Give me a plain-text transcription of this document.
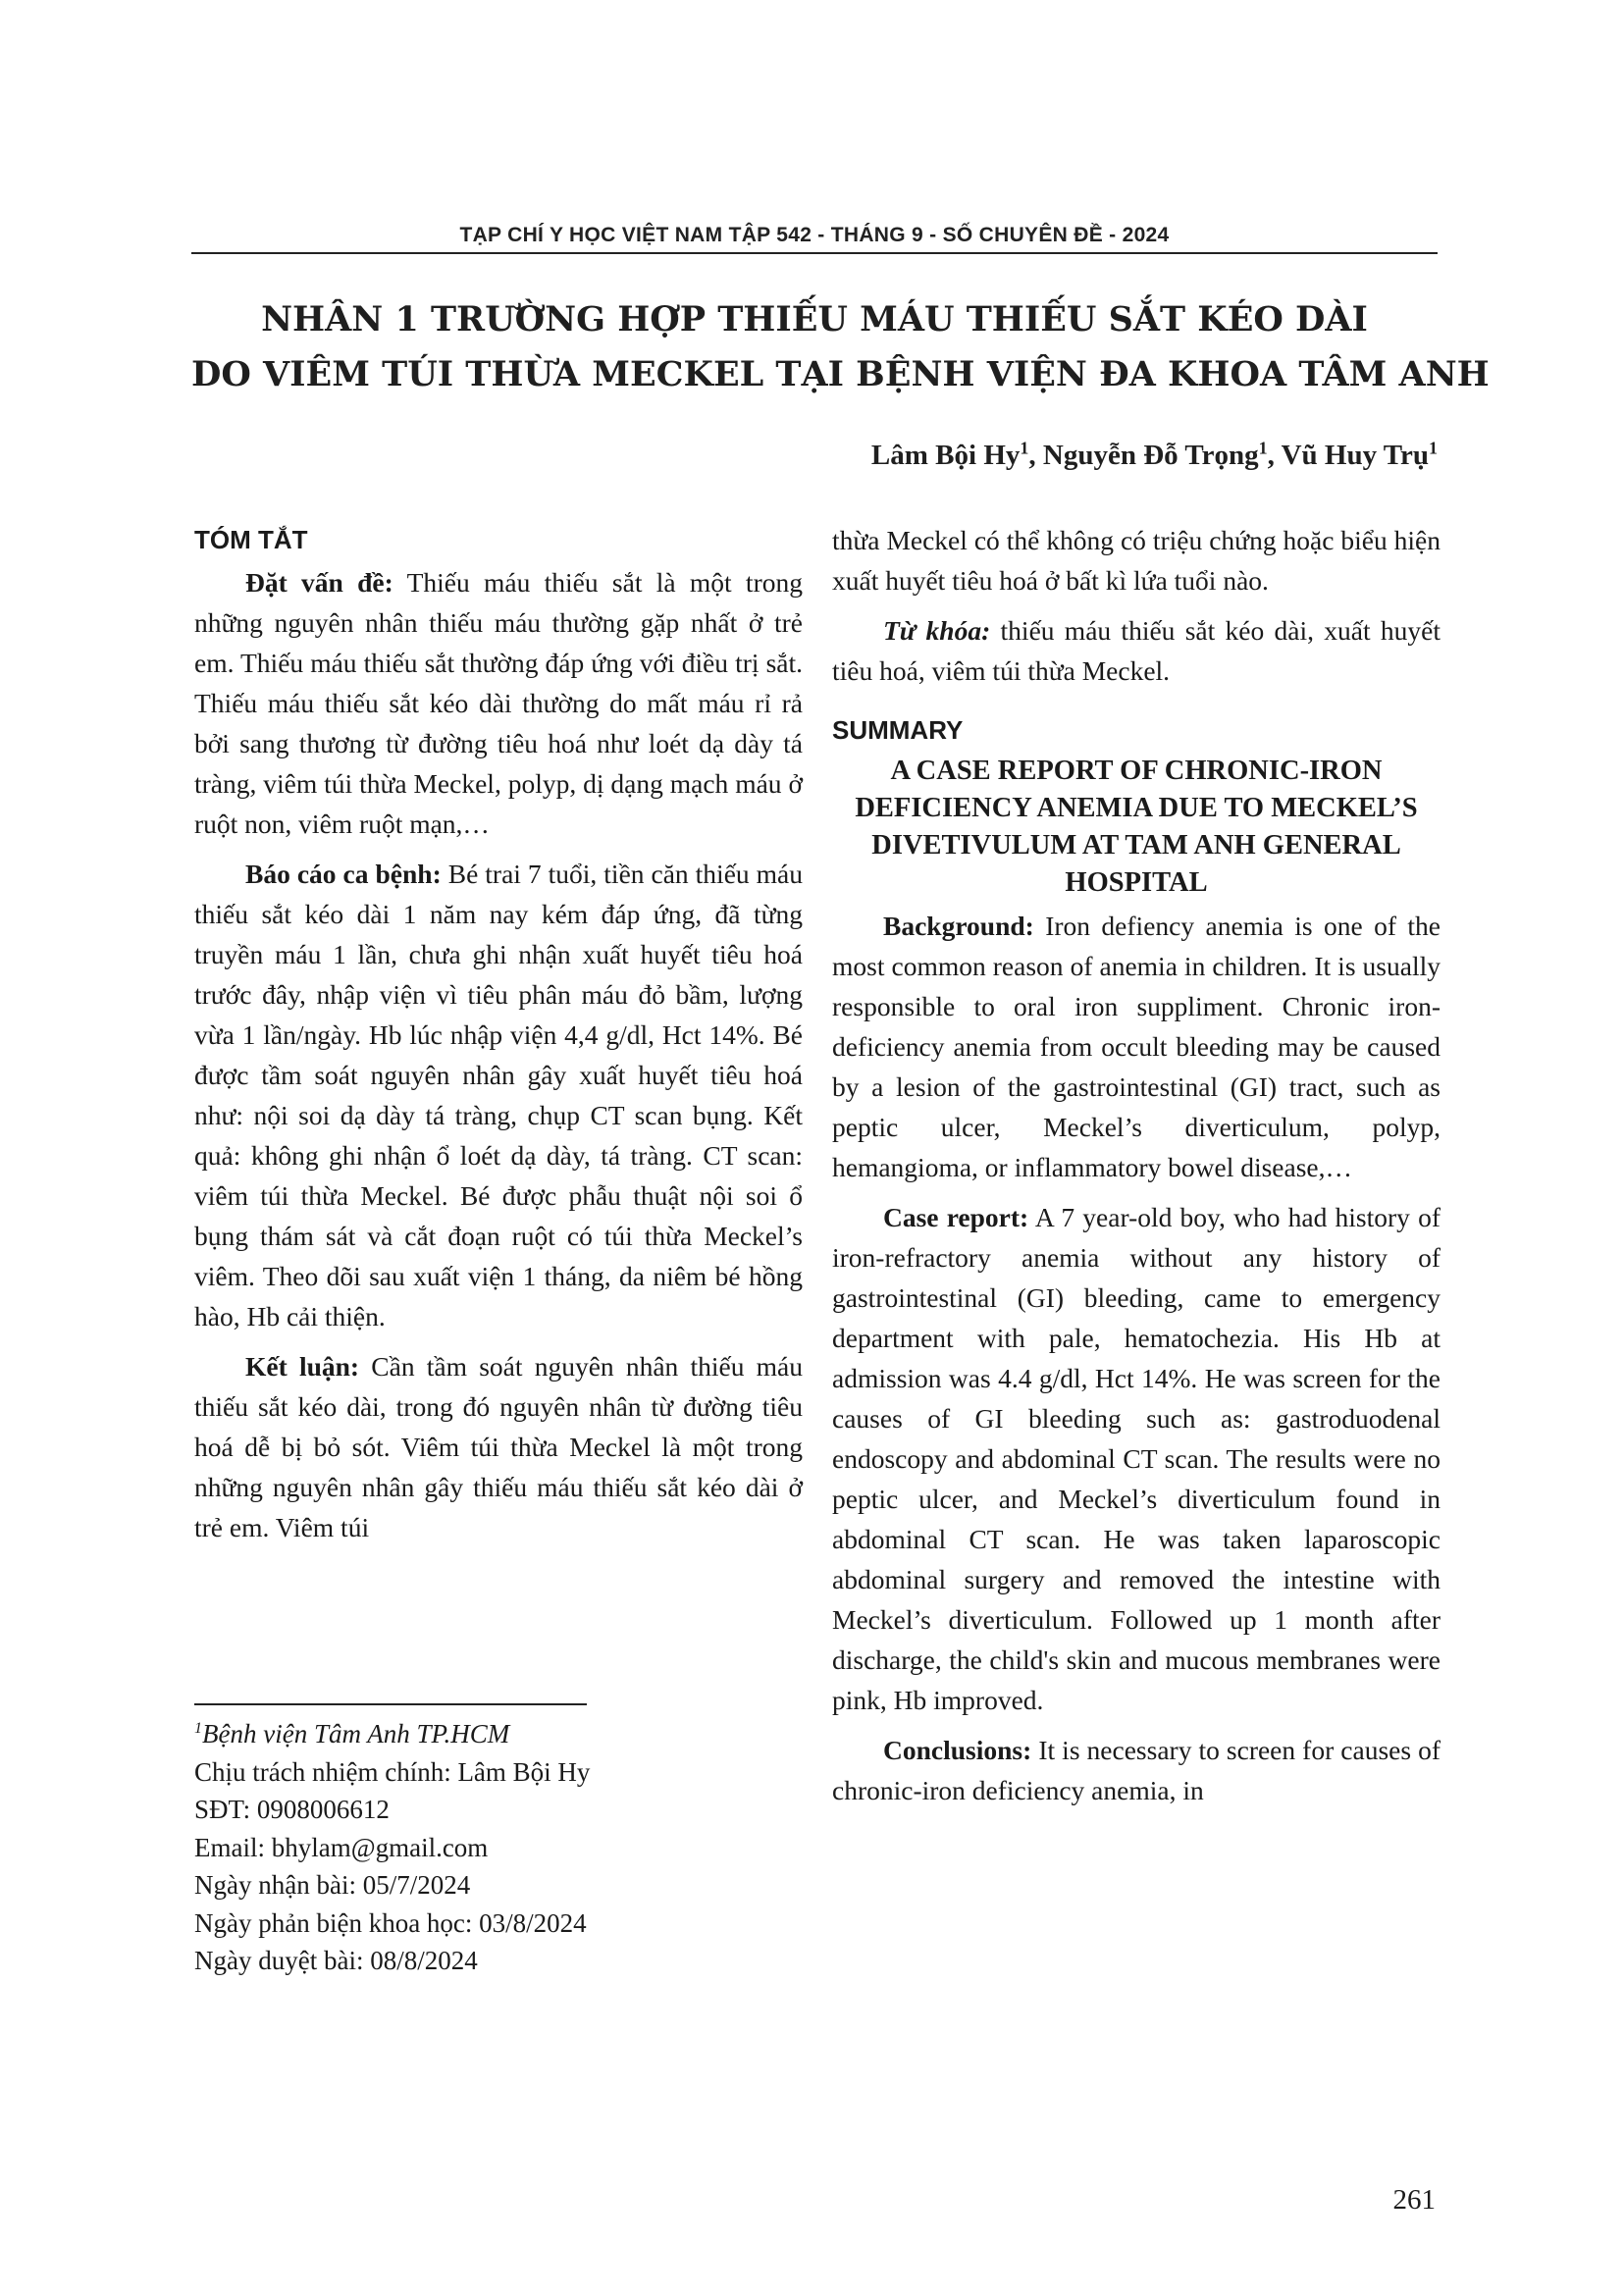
TẠP CHÍ Y HỌC VIỆT NAM TẬP 542 - THÁNG 9 - SỐ CHUYÊN ĐỀ - 2024
NHÂN 1 TRƯỜNG HỢP THIẾU MÁU THIẾU SẮT KÉO DÀI
DO VIÊM TÚI THỪA MECKEL TẠI BỆNH VIỆN ĐA KHOA TÂM ANH
Lâm Bội Hy$^1$, Nguyễn Đỗ Trọng$^1$, Vũ Huy Trụ$^1$
TÓM TẮT

Đặt vấn đề: Thiếu máu thiếu sắt là một trong những nguyên nhân thiếu máu thường gặp nhất ở trẻ em. Thiếu máu thiếu sắt thường đáp ứng với điều trị sắt. Thiếu máu thiếu sắt kéo dài thường do mất máu rỉ rả bởi sang thương từ đường tiêu hoá như loét dạ dày tá tràng, viêm túi thừa Meckel, polyp, dị dạng mạch máu ở ruột non, viêm ruột mạn,…

Báo cáo ca bệnh: Bé trai 7 tuổi, tiền căn thiếu máu thiếu sắt kéo dài 1 năm nay kém đáp ứng, đã từng truyền máu 1 lần, chưa ghi nhận xuất huyết tiêu hoá trước đây, nhập viện vì tiêu phân máu đỏ bầm, lượng vừa 1 lần/ngày. Hb lúc nhập viện 4,4 g/dl, Hct 14%. Bé được tầm soát nguyên nhân gây xuất huyết tiêu hoá như: nội soi dạ dày tá tràng, chụp CT scan bụng. Kết quả: không ghi nhận ổ loét dạ dày, tá tràng. CT scan: viêm túi thừa Meckel. Bé được phẫu thuật nội soi ổ bụng thám sát và cắt đoạn ruột có túi thừa Meckel’s viêm. Theo dõi sau xuất viện 1 tháng, da niêm bé hồng hào, Hb cải thiện.

Kết luận: Cần tầm soát nguyên nhân thiếu máu thiếu sắt kéo dài, trong đó nguyên nhân từ đường tiêu hoá dễ bị bỏ sót. Viêm túi thừa Meckel là một trong những nguyên nhân gây thiếu máu thiếu sắt kéo dài ở trẻ em. Viêm túi

$^1$Bệnh viện Tâm Anh TP.HCM
Chịu trách nhiệm chính: Lâm Bội Hy
SĐT: 0908006612
Email: bhylam@gmail.com
Ngày nhận bài: 05/7/2024
Ngày phản biện khoa học: 03/8/2024
Ngày duyệt bài: 08/8/2024

thừa Meckel có thể không có triệu chứng hoặc biểu hiện xuất huyết tiêu hoá ở bất kì lứa tuổi nào.

Từ khóa: thiếu máu thiếu sắt kéo dài, xuất huyết tiêu hoá, viêm túi thừa Meckel.

SUMMARY
A CASE REPORT OF CHRONIC-IRON DEFICIENCY ANEMIA DUE TO MECKEL’S DIVETIVULUM AT TAM ANH GENERAL HOSPITAL

Background: Iron defiency anemia is one of the most common reason of anemia in children. It is usually responsible to oral iron suppliment. Chronic iron-deficiency anemia from occult bleeding may be caused by a lesion of the gastrointestinal (GI) tract, such as peptic ulcer, Meckel’s diverticulum, polyp, hemangioma, or inflammatory bowel disease,…

Case report: A 7 year-old boy, who had history of iron-refractory anemia without any history of gastrointestinal (GI) bleeding, came to emergency department with pale, hematochezia. His Hb at admission was 4.4 g/dl, Hct 14%. He was screen for the causes of GI bleeding such as: gastroduodenal endoscopy and abdominal CT scan. The results were no peptic ulcer, and Meckel’s diverticulum found in abdominal CT scan. He was taken laparoscopic abdominal surgery and removed the intestine with Meckel’s diverticulum. Followed up 1 month after discharge, the child's skin and mucous membranes were pink, Hb improved.

Conclusions: It is necessary to screen for causes of chronic-iron deficiency anemia, in

261
